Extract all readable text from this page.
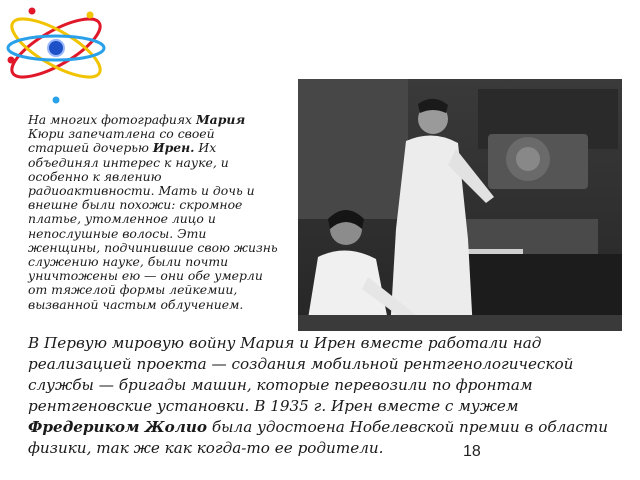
На многих фотографиях Мария Кюри запечатлена со своей старшей дочерью Ирен. Их объединял интерес к науке, и особенно к явлению радиоактивности. Мать и дочь и внешне были похожи: скромное платье, утомленное лицо и непослушные волосы. Эти женщины, подчинившие свою жизнь служению науке, были почти уничтожены ею — они обе умерли от тяжелой формы лейкемии, вызванной частым облучением.
В Первую мировую войну Мария и Ирен вместе работали над реализацией проекта — создания мобильной рентгенологической службы — бригады машин, которые перевозили по фронтам рентгеновские установки. В 1935 г. Ирен вместе с мужем Фредериком Жолио была удостоена Нобелевской премии в области физики, так же как когда-то ее родители.	18
